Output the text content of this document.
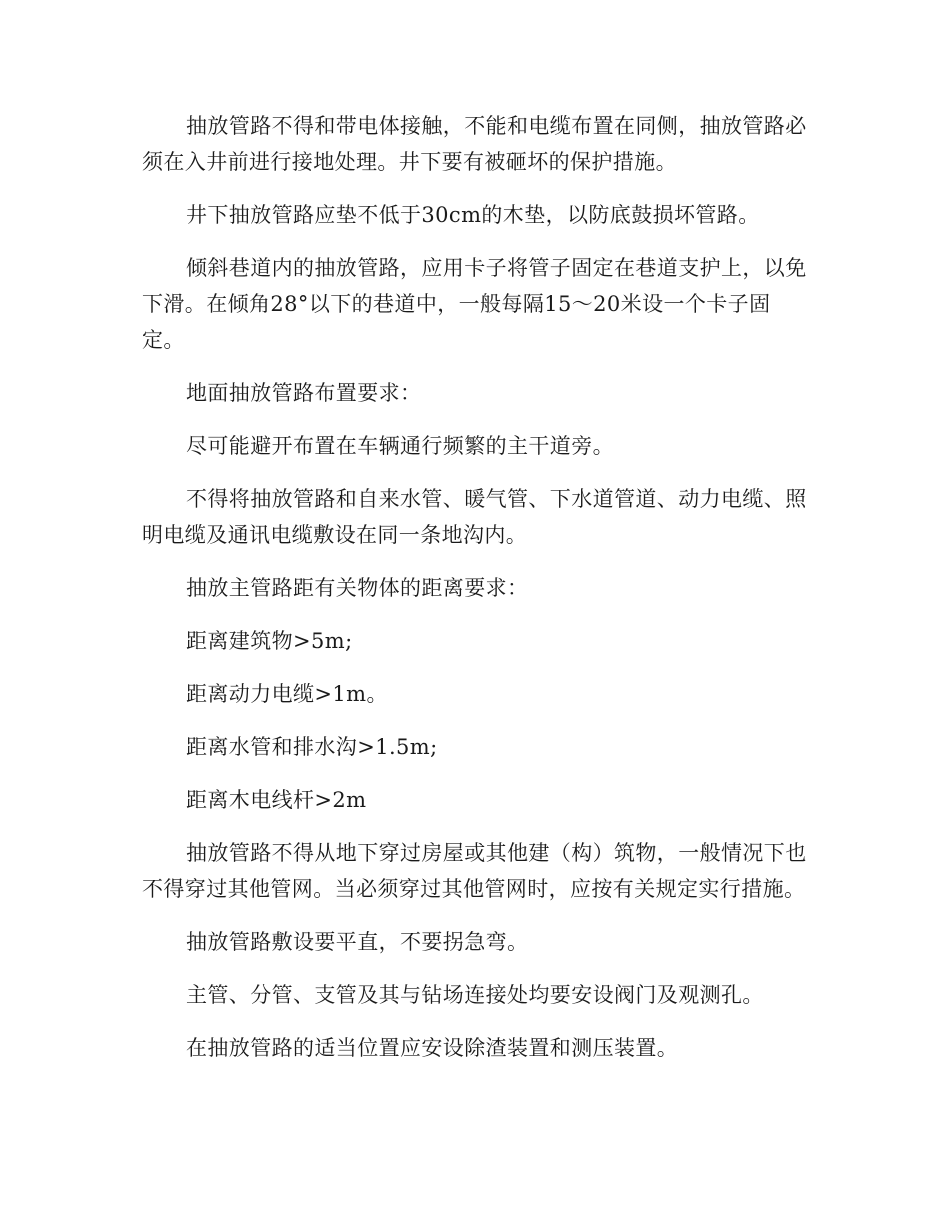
抽放管路不得和带电体接触，不能和电缆布置在同侧，抽放管路必须在入井前进行接地处理。井下要有被砸坏的保护措施。

井下抽放管路应垫不低于30cm的木垫，以防底鼓损坏管路。

倾斜巷道内的抽放管路，应用卡子将管子固定在巷道支护上，以免下滑。在倾角28°以下的巷道中，一般每隔15～20米设一个卡子固定。

地面抽放管路布置要求：

尽可能避开布置在车辆通行频繁的主干道旁。

不得将抽放管路和自来水管、暖气管、下水道管道、动力电缆、照明电缆及通讯电缆敷设在同一条地沟内。

抽放主管路距有关物体的距离要求：

距离建筑物>5m;

距离动力电缆>1m。

距离水管和排水沟>1.5m;

距离木电线杆>2m

抽放管路不得从地下穿过房屋或其他建（构）筑物，一般情况下也不得穿过其他管网。当必须穿过其他管网时，应按有关规定实行措施。

抽放管路敷设要平直，不要拐急弯。

主管、分管、支管及其与钻场连接处均要安设阀门及观测孔。

在抽放管路的适当位置应安设除渣装置和测压装置。
